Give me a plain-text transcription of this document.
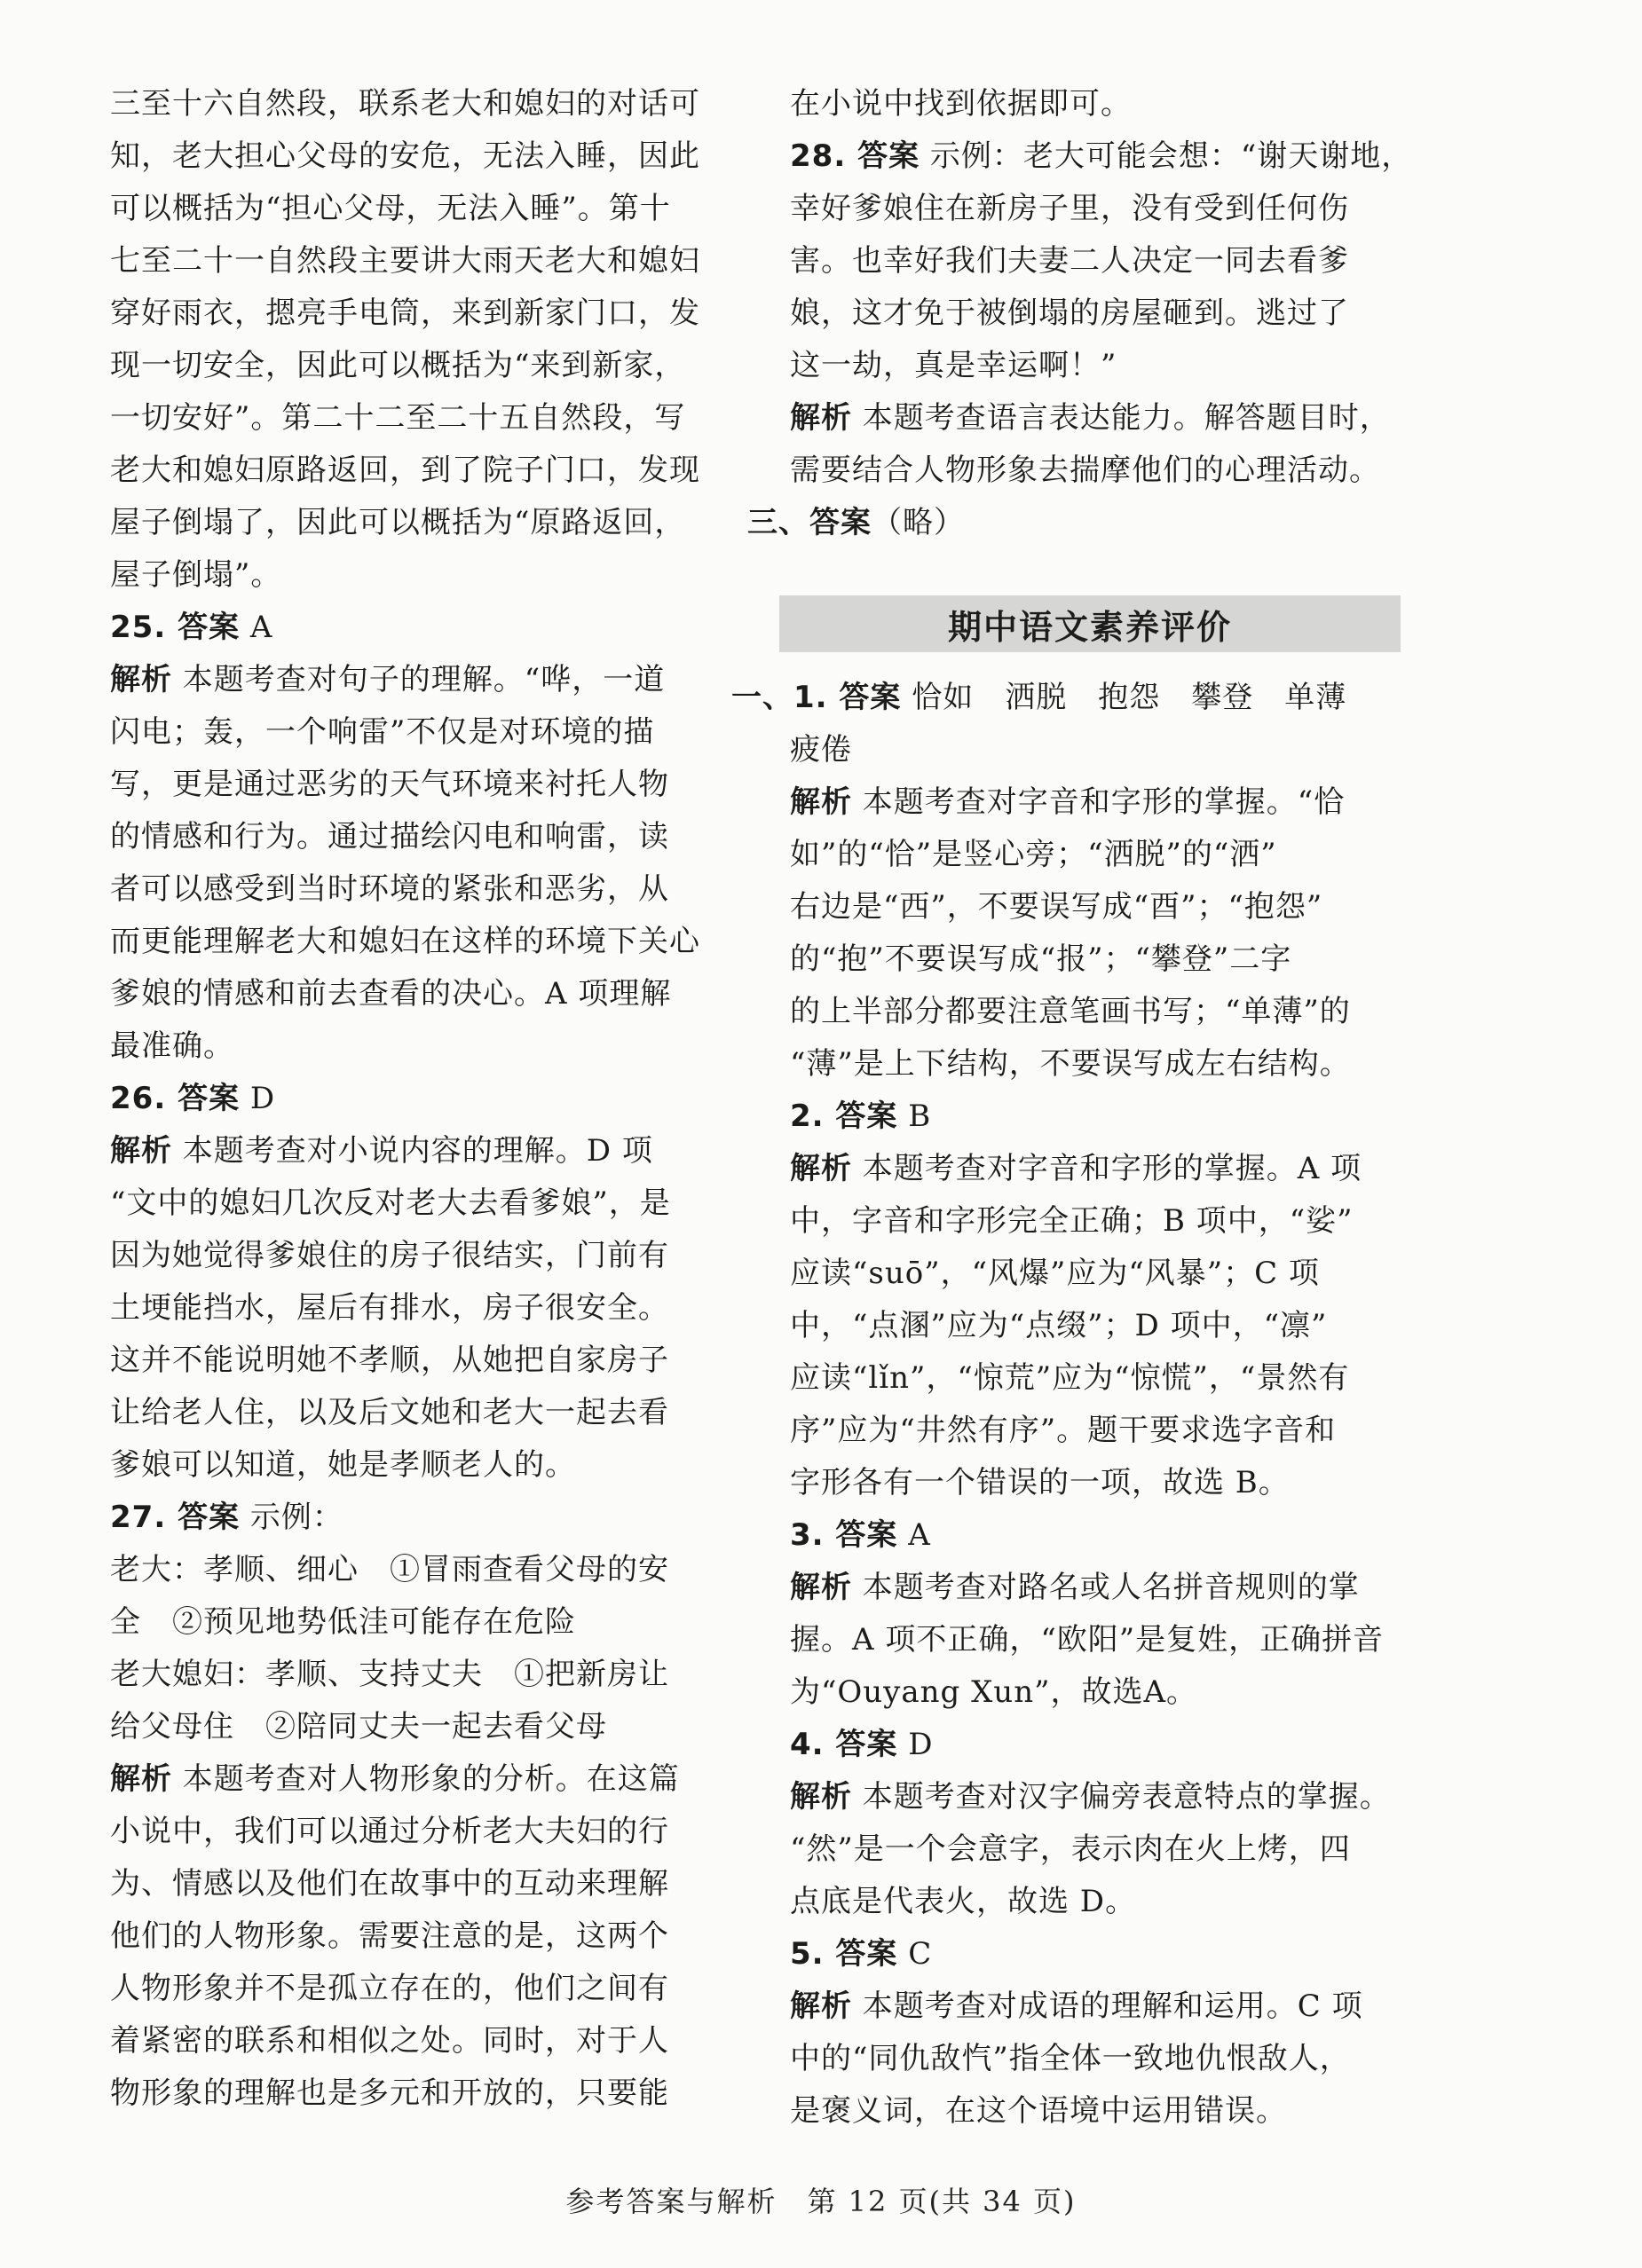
三至十六自然段，联系老大和媳妇的对话可
知，老大担心父母的安危，无法入睡，因此
可以概括为“担心父母，无法入睡”。第十
七至二十一自然段主要讲大雨天老大和媳妇
穿好雨衣，摁亮手电筒，来到新家门口，发
现一切安全，因此可以概括为“来到新家，
一切安好”。第二十二至二十五自然段，写
老大和媳妇原路返回，到了院子门口，发现
屋子倒塌了，因此可以概括为“原路返回，
屋子倒塌”。
25. 答案 A
解析 本题考查对句子的理解。“哗，一道
闪电；轰，一个响雷”不仅是对环境的描
写，更是通过恶劣的天气环境来衬托人物
的情感和行为。通过描绘闪电和响雷，读
者可以感受到当时环境的紧张和恶劣，从
而更能理解老大和媳妇在这样的环境下关心
爹娘的情感和前去查看的决心。A 项理解
最准确。
26. 答案 D
解析 本题考查对小说内容的理解。D 项
“文中的媳妇几次反对老大去看爹娘”，是
因为她觉得爹娘住的房子很结实，门前有
土埂能挡水，屋后有排水，房子很安全。
这并不能说明她不孝顺，从她把自家房子
让给老人住，以及后文她和老大一起去看
爹娘可以知道，她是孝顺老人的。
27. 答案 示例：
老大：孝顺、细心　①冒雨查看父母的安
全　②预见地势低洼可能存在危险
老大媳妇：孝顺、支持丈夫　①把新房让
给父母住　②陪同丈夫一起去看父母
解析 本题考查对人物形象的分析。在这篇
小说中，我们可以通过分析老大夫妇的行
为、情感以及他们在故事中的互动来理解
他们的人物形象。需要注意的是，这两个
人物形象并不是孤立存在的，他们之间有
着紧密的联系和相似之处。同时，对于人
物形象的理解也是多元和开放的，只要能
在小说中找到依据即可。
28. 答案 示例：老大可能会想：“谢天谢地，
幸好爹娘住在新房子里，没有受到任何伤
害。也幸好我们夫妻二人决定一同去看爹
娘，这才免于被倒塌的房屋砸到。逃过了
这一劫，真是幸运啊！”
解析 本题考查语言表达能力。解答题目时，
需要结合人物形象去揣摩他们的心理活动。
三、答案（略）
期中语文素养评价
一、1. 答案 恰如　洒脱　抱怨　攀登　单薄
疲倦
解析 本题考查对字音和字形的掌握。“恰
如”的“恰”是竖心旁；“洒脱”的“洒”
右边是“西”，不要误写成“酉”；“抱怨”
的“抱”不要误写成“报”；“攀登”二字
的上半部分都要注意笔画书写；“单薄”的
“薄”是上下结构，不要误写成左右结构。
2. 答案 B
解析 本题考查对字音和字形的掌握。A 项
中，字音和字形完全正确；B 项中，“娑”
应读“suō”，“风爆”应为“风暴”；C 项
中，“点溷”应为“点缀”；D 项中，“凛”
应读“lǐn”，“惊荒”应为“惊慌”，“景然有
序”应为“井然有序”。题干要求选字音和
字形各有一个错误的一项，故选 B。
3. 答案 A
解析 本题考查对路名或人名拼音规则的掌
握。A 项不正确，“欧阳”是复姓，正确拼音
为“Ouyang Xun”，故选A。
4. 答案 D
解析 本题考查对汉字偏旁表意特点的掌握。
“然”是一个会意字，表示肉在火上烤，四
点底是代表火，故选 D。
5. 答案 C
解析 本题考查对成语的理解和运用。C 项
中的“同仇敌忾”指全体一致地仇恨敌人，
是褒义词，在这个语境中运用错误。
参考答案与解析　第 12 页(共 34 页)
